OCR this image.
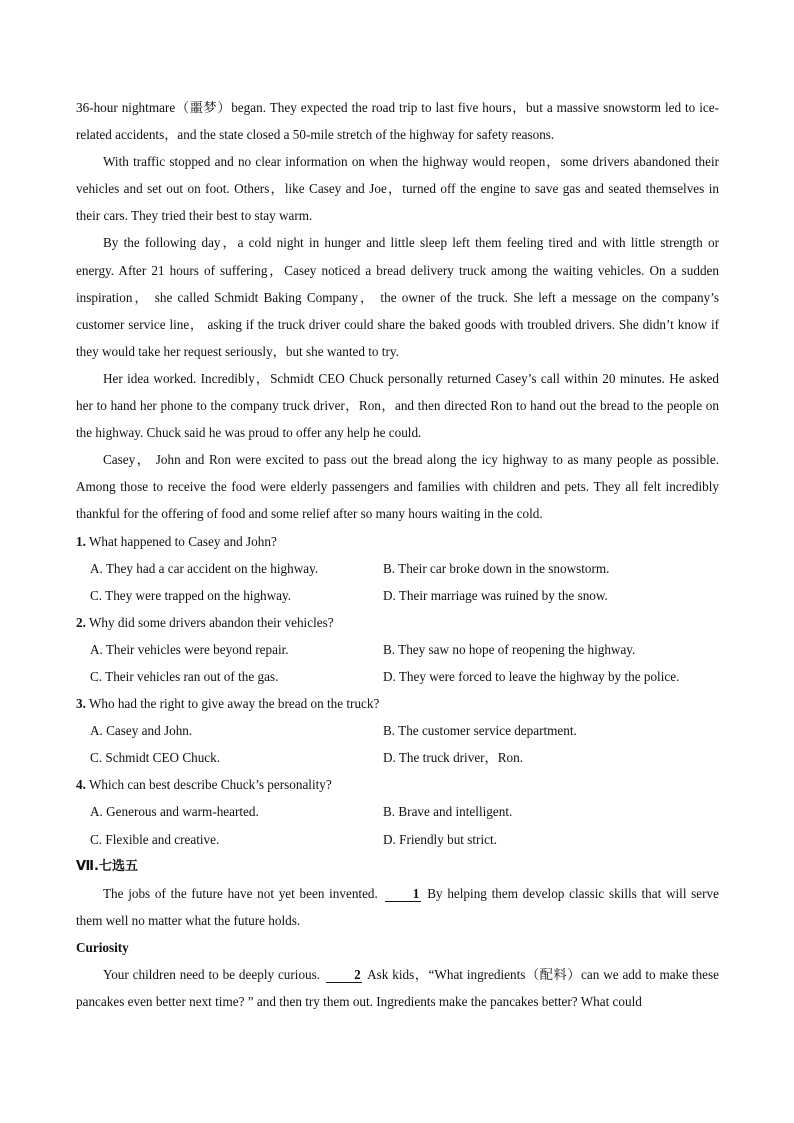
36-hour nightmare（噩梦）began. They expected the road trip to last five hours，but a massive snowstorm led to ice-related accidents，and the state closed a 50-mile stretch of the highway for safety reasons.

With traffic stopped and no clear information on when the highway would reopen，some drivers abandoned their vehicles and set out on foot. Others，like Casey and Joe，turned off the engine to save gas and seated themselves in their cars. They tried their best to stay warm.

By the following day，a cold night in hunger and little sleep left them feeling tired and with little strength or energy. After 21 hours of suffering，Casey noticed a bread delivery truck among the waiting vehicles. On a sudden inspiration， she called Schmidt Baking Company， the owner of the truck. She left a message on the company’s customer service line， asking if the truck driver could share the baked goods with troubled drivers. She didn’t know if they would take her request seriously，but she wanted to try.

Her idea worked. Incredibly，Schmidt CEO Chuck personally returned Casey’s call within 20 minutes. He asked her to hand her phone to the company truck driver，Ron，and then directed Ron to hand out the bread to the people on the highway. Chuck said he was proud to offer any help he could.

Casey， John and Ron were excited to pass out the bread along the icy highway to as many people as possible. Among those to receive the food were elderly passengers and families with children and pets. They all felt incredibly thankful for the offering of food and some relief after so many hours waiting in the cold.

1. What happened to Casey and John?

A. They had a car accident on the highway.	B. Their car broke down in the snowstorm.
C. They were trapped on the highway.	D. Their marriage was ruined by the snow.

2. Why did some drivers abandon their vehicles?

A. Their vehicles were beyond repair.	B. They saw no hope of reopening the highway.
C. Their vehicles ran out of the gas.	D. They were forced to leave the highway by the police.

3. Who had the right to give away the bread on the truck?

A. Casey and John.	B. The customer service department.
C. Schmidt CEO Chuck.	D. The truck driver，Ron.

4. Which can best describe Chuck’s personality?

A. Generous and warm-hearted.	B. Brave and intelligent.
C. Flexible and creative.	D. Friendly but strict.

Ⅶ.七选五

The jobs of the future have not yet been invented.	1 By helping them develop classic skills that will serve them well no matter what the future holds.

Curiosity

Your children need to be deeply curious.	2 Ask kids，“What ingredients（配料）can we add to make these pancakes even better next time? ” and then try them out. Ingredients make the pancakes better? What could
